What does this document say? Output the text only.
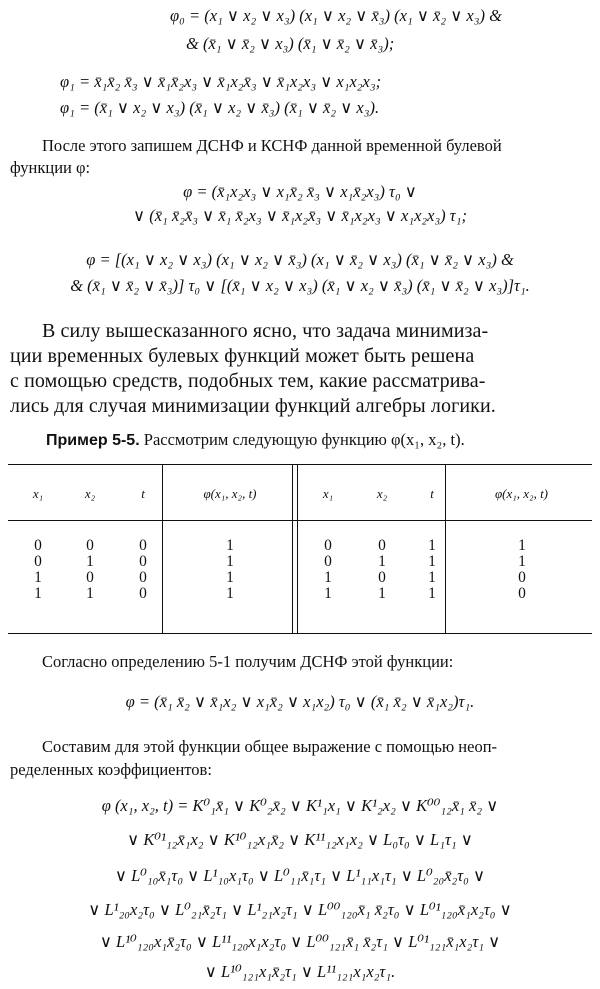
φ₀ = (x₁ ∨ x₂ ∨ x₃) (x₁ ∨ x₂ ∨ x̄₃) (x₁ ∨ x̄₂ ∨ x₃) &
& (x̄₁ ∨ x̄₂ ∨ x₃) (x̄₁ ∨ x̄₂ ∨ x̄₃);
φ₁ = x̄₁x̄₂ x̄₃ ∨ x̄₁x̄₂x₃ ∨ x̄₁x₂x̄₃ ∨ x̄₁x₂x₃ ∨ x₁x₂x₃;
φ₁ = (x̄₁ ∨ x₂ ∨ x₃) (x̄₁ ∨ x₂ ∨ x̄₃) (x̄₁ ∨ x̄₂ ∨ x₃).
После этого запишем ДСНФ и КСНФ данной временной булевой
функции φ:
φ = (x̄₁x₂x₃ ∨ x₁x̄₂ x̄₃ ∨ x₁x̄₂x₃) τ₀ ∨
∨ (x̄₁ x̄₂x̄₃ ∨ x̄₁ x̄₂x₃ ∨ x̄₁x₂x̄₃ ∨ x̄₁x₂x₃ ∨ x₁x₂x₃) τ₁;
φ = [(x₁ ∨ x₂ ∨ x₃) (x₁ ∨ x₂ ∨ x̄₃) (x₁ ∨ x̄₂ ∨ x₃) (x̄₁ ∨ x̄₂ ∨ x₃) &
& (x̄₁ ∨ x̄₂ ∨ x̄₃)] τ₀ ∨ [(x̄₁ ∨ x₂ ∨ x₃) (x̄₁ ∨ x₂ ∨ x̄₃) (x̄₁ ∨ x̄₂ ∨ x₃)]τ₁.
В силу вышесказанного ясно, что задача минимиза-
ции временных булевых функций может быть решена
с помощью средств, подобных тем, какие рассматрива-
лись для случая минимизации функций алгебры логики.
Пример 5-5. Рассмотрим следующую функцию φ(x₁, x₂, t).
x₁	x₂	t	φ(x₁, x₂, t)	x₁	x₂	t	φ(x₁, x₂, t)
0	0	0	1	0	0	1	1
0	1	0	1	0	1	1	1
1	0	0	1	1	0	1	0
1	1	0	1	1	1	1	0
Согласно определению 5-1 получим ДСНФ этой функции:
φ = (x̄₁ x̄₂ ∨ x̄₁x₂ ∨ x₁x̄₂ ∨ x₁x₂) τ₀ ∨ (x̄₁ x̄₂ ∨ x̄₁x₂)τ₁.
Составим для этой функции общее выражение с помощью неоп-
ределенных коэффициентов:
φ (x₁, x₂, t) = K⁰₁x̄₁ ∨ K⁰₂x̄₂ ∨ K¹₁x₁ ∨ K¹₂x₂ ∨ K⁰⁰₁₂x̄₁ x̄₂ ∨
∨ K⁰¹₁₂x̄₁x₂ ∨ K¹⁰₁₂x₁x̄₂ ∨ K¹¹₁₂x₁x₂ ∨ L₀τ₀ ∨ L₁τ₁ ∨
∨ L⁰₁₀x̄₁τ₀ ∨ L¹₁₀x₁τ₀ ∨ L⁰₁₁x̄₁τ₁ ∨ L¹₁₁x₁τ₁ ∨ L⁰₂₀x̄₂τ₀ ∨
∨ L¹₂₀x₂τ₀ ∨ L⁰₂₁x̄₂τ₁ ∨ L¹₂₁x₂τ₁ ∨ L⁰⁰₁₂₀x̄₁ x̄₂τ₀ ∨ L⁰¹₁₂₀x̄₁x₂τ₀ ∨
∨ L¹⁰₁₂₀x₁x̄₂τ₀ ∨ L¹¹₁₂₀x₁x₂τ₀ ∨ L⁰⁰₁₂₁x̄₁ x̄₂τ₁ ∨ L⁰¹₁₂₁x̄₁x₂τ₁ ∨
∨ L¹⁰₁₂₁x₁x̄₂τ₁ ∨ L¹¹₁₂₁x₁x₂τ₁.
